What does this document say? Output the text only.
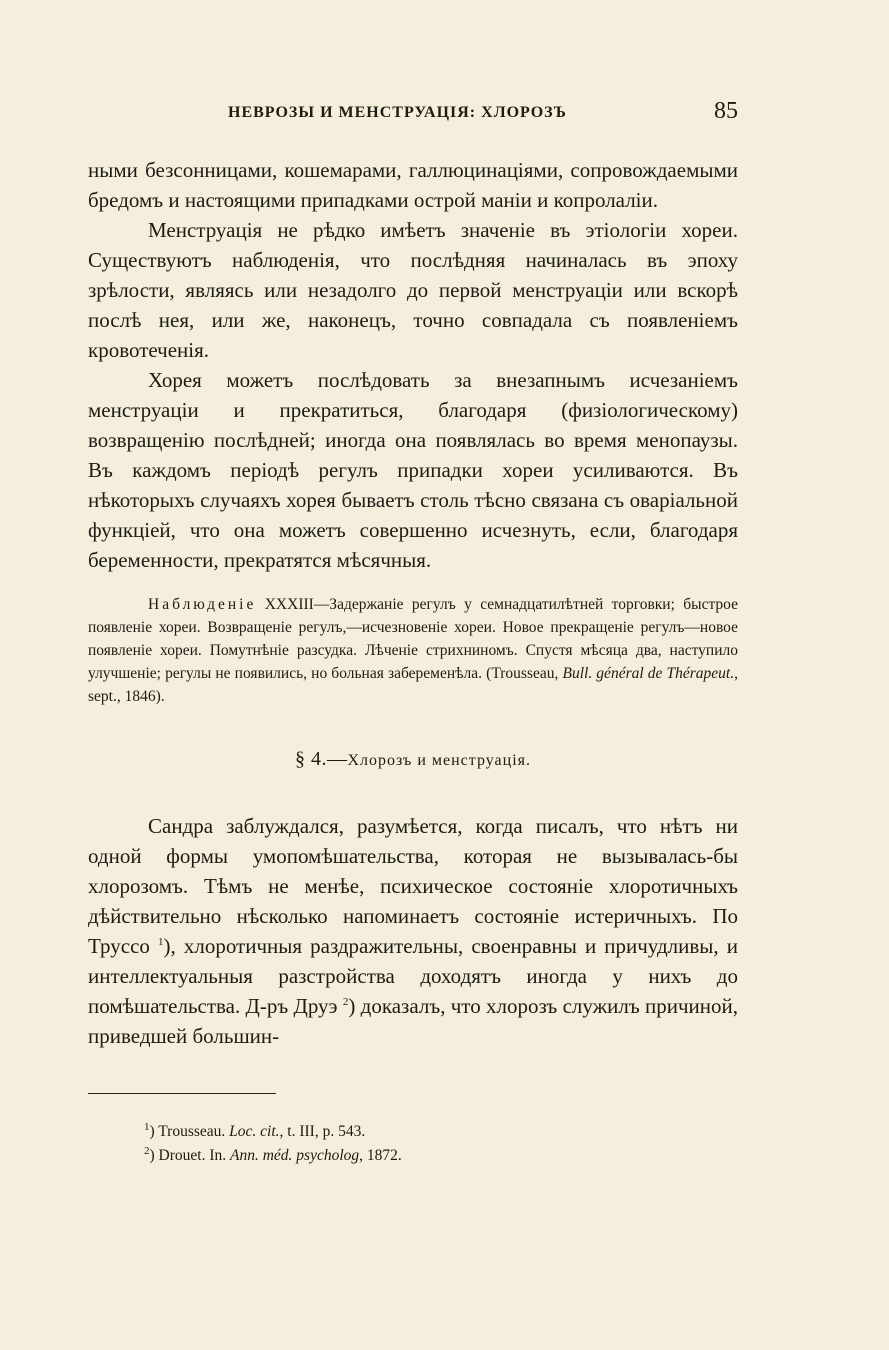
НЕВРОЗЫ И МЕНСТРУАЦІЯ: ХЛОРОЗЪ	85

ными безсонницами, кошемарами, галлюцинаціями, сопровождаемыми бредомъ и настоящими припадками острой маніи и копролаліи.

Менструація не рѣдко имѣетъ значеніе въ этіологіи хореи. Существуютъ наблюденія, что послѣдняя начиналась въ эпоху зрѣлости, являясь или незадолго до первой менструаціи или вскорѣ послѣ нея, или же, наконецъ, точно совпадала съ появленіемъ кровотеченія.

Хорея можетъ послѣдовать за внезапнымъ исчезаніемъ менструаціи и прекратиться, благодаря (физіологическому) возвращенію послѣдней; иногда она появлялась во время менопаузы. Въ каждомъ періодѣ регулъ припадки хореи усиливаются. Въ нѣкоторыхъ случаяхъ хорея бываетъ столь тѣсно связана съ оваріальной функціей, что она можетъ совершенно исчезнуть, если, благодаря беременности, прекратятся мѣсячныя.

Наблюденіе XXXIII—Задержаніе регулъ у семнадцатилѣтней торговки; быстрое появленіе хореи. Возвращеніе регулъ,—исчезновеніе хореи. Новое прекращеніе регулъ—новое появленіе хореи. Помутнѣніе разсудка. Лѣченіе стрихниномъ. Спустя мѣсяца два, наступило улучшеніе; регулы не появились, но больная забеременѣла. (Trousseau, Bull. général de Thérapeut., sept., 1846).

§ 4.—Хлорозъ и менструація.

Сандра заблуждался, разумѣется, когда писалъ, что нѣтъ ни одной формы умопомѣшательства, которая не вызывалась-бы хлорозомъ. Тѣмъ не менѣе, психическое состояніе хлоротичныхъ дѣйствительно нѣсколько напоминаетъ состояніе истеричныхъ. По Труссо $^1$), хлоротичныя раздражительны, своенравны и причудливы, и интеллектуальныя разстройства доходятъ иногда у нихъ до помѣшательства. Д-ръ Друэ $^2$) доказалъ, что хлорозъ служилъ причиной, приведшей большин-

$^1$) Trousseau. Loc. cit., t. III, p. 543.

$^2$) Drouet. In. Ann. méd. psycholog, 1872.
